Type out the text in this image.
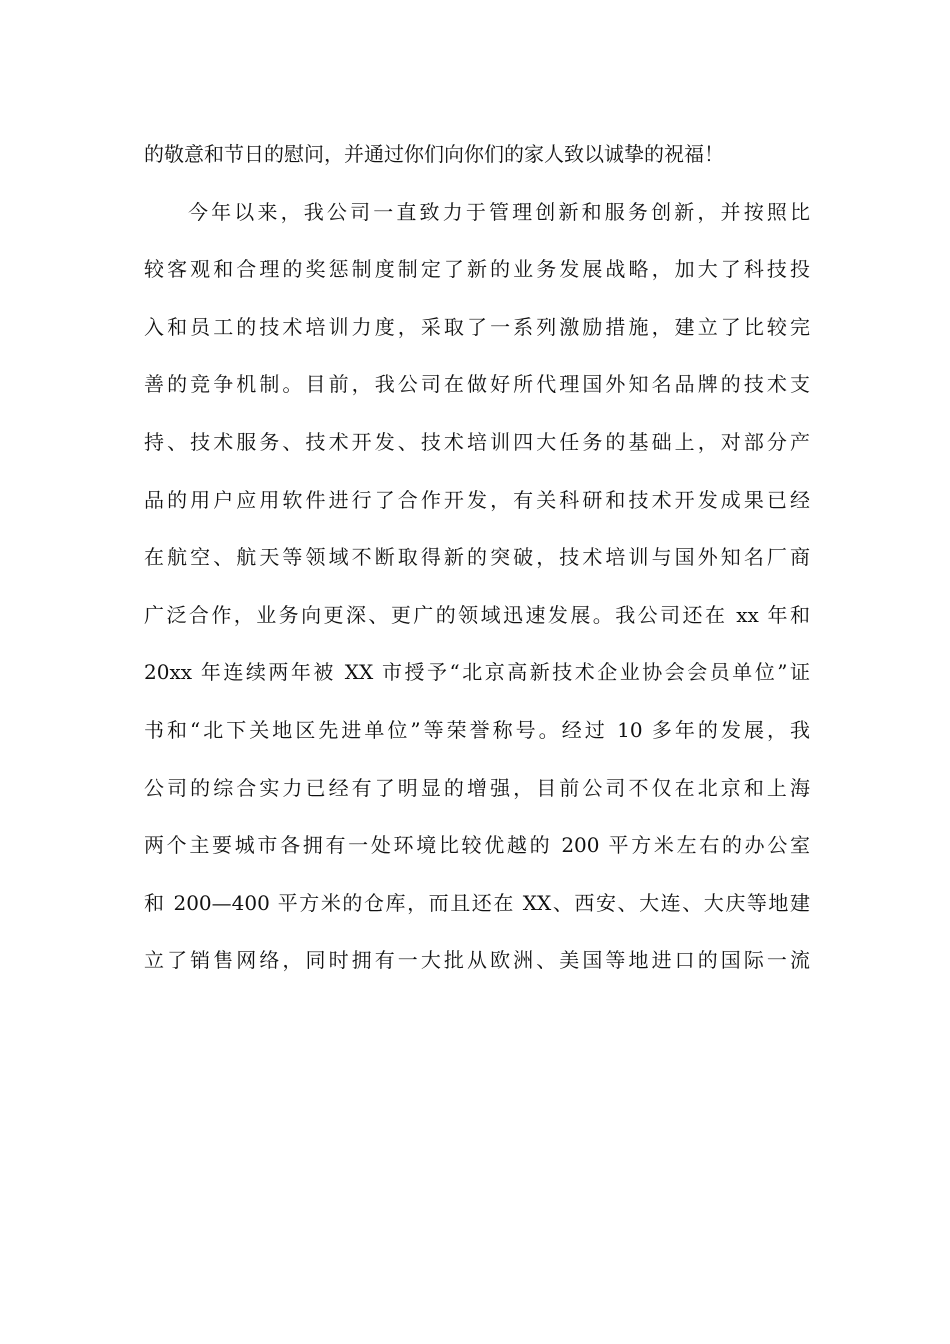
的敬意和节日的慰问，并通过你们向你们的家人致以诚挚的祝福！
今年以来，我公司一直致力于管理创新和服务创新，并按照比
较客观和合理的奖惩制度制定了新的业务发展战略，加大了科技投
入和员工的技术培训力度，采取了一系列激励措施，建立了比较完
善的竞争机制。目前，我公司在做好所代理国外知名品牌的技术支
持、技术服务、技术开发、技术培训四大任务的基础上，对部分产
品的用户应用软件进行了合作开发，有关科研和技术开发成果已经
在航空、航天等领域不断取得新的突破，技术培训与国外知名厂商
广泛合作，业务向更深、更广的领域迅速发展。我公司还在 xx 年和
20xx 年连续两年被 XX 市授予“北京高新技术企业协会会员单位”证
书和“北下关地区先进单位”等荣誉称号。经过 10 多年的发展，我
公司的综合实力已经有了明显的增强，目前公司不仅在北京和上海
两个主要城市各拥有一处环境比较优越的 200 平方米左右的办公室
和 200—400 平方米的仓库，而且还在 XX、西安、大连、大庆等地建
立了销售网络，同时拥有一大批从欧洲、美国等地进口的国际一流
